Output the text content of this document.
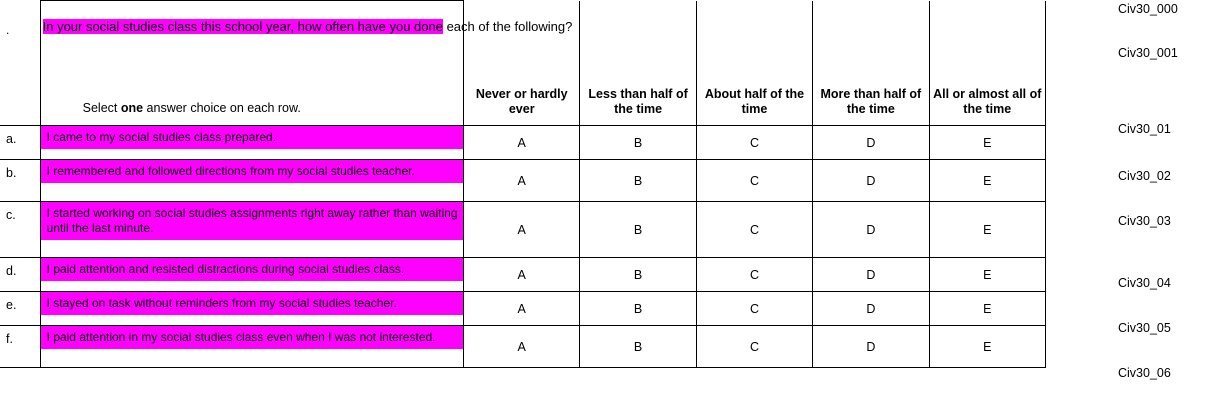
.	In your social studies class this school year, how often have you done each of the following?
Select one answer choice on each row.

Never or hardly
ever

Less than half of
the time

About half of the
time

More than half of
the time

All or almost all of
the time

a.	I came to my social studies class prepared.	A	B	C	D	E
b.	I remembered and followed directions from my social studies teacher.	A	B	C	D	E
c.	I started working on social studies assignments right away rather than waiting until the last minute.	A	B	C	D	E
d.	I paid attention and resisted distractions during social studies class.	A	B	C	D	E
e.	I stayed on task without reminders from my social studies teacher.	A	B	C	D	E
f.	I paid attention in my social studies class even when I was not interested.	A	B	C	D	E
Civ30_000
Civ30_001
Civ30_01
Civ30_02
Civ30_03
Civ30_04
Civ30_05
Civ30_06
